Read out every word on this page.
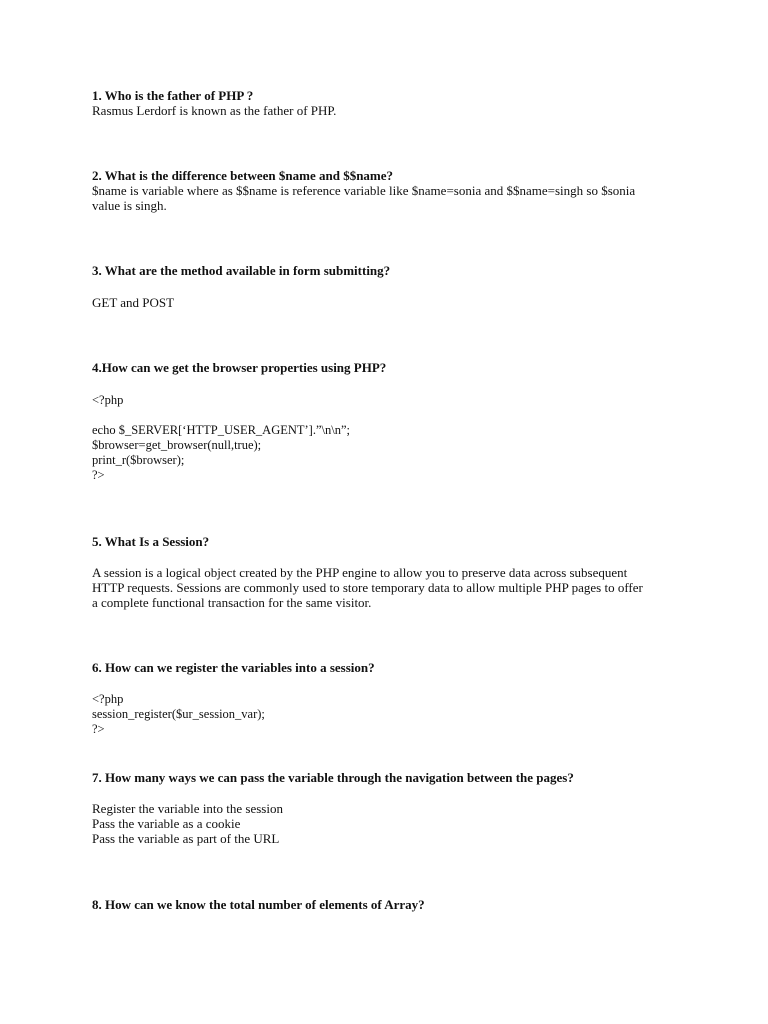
1. Who is the father of PHP ?
Rasmus Lerdorf is known as the father of PHP.
2. What is the difference between $name and $$name?
$name is variable where as $$name is reference variable like $name=sonia and $$name=singh so $sonia
value is singh.
3. What are the method available in form submitting?
GET and POST
4.How can we get the browser properties using PHP?
<?php
echo $_SERVER[‘HTTP_USER_AGENT’].”\n\n”;
$browser=get_browser(null,true);
print_r($browser);
?>
5. What Is a Session?
A session is a logical object created by the PHP engine to allow you to preserve data across subsequent
HTTP requests. Sessions are commonly used to store temporary data to allow multiple PHP pages to offer
a complete functional transaction for the same visitor.
6. How can we register the variables into a session?
<?php
session_register($ur_session_var);
?>
7. How many ways we can pass the variable through the navigation between the pages?
Register the variable into the session
Pass the variable as a cookie
Pass the variable as part of the URL
8. How can we know the total number of elements of Array?
